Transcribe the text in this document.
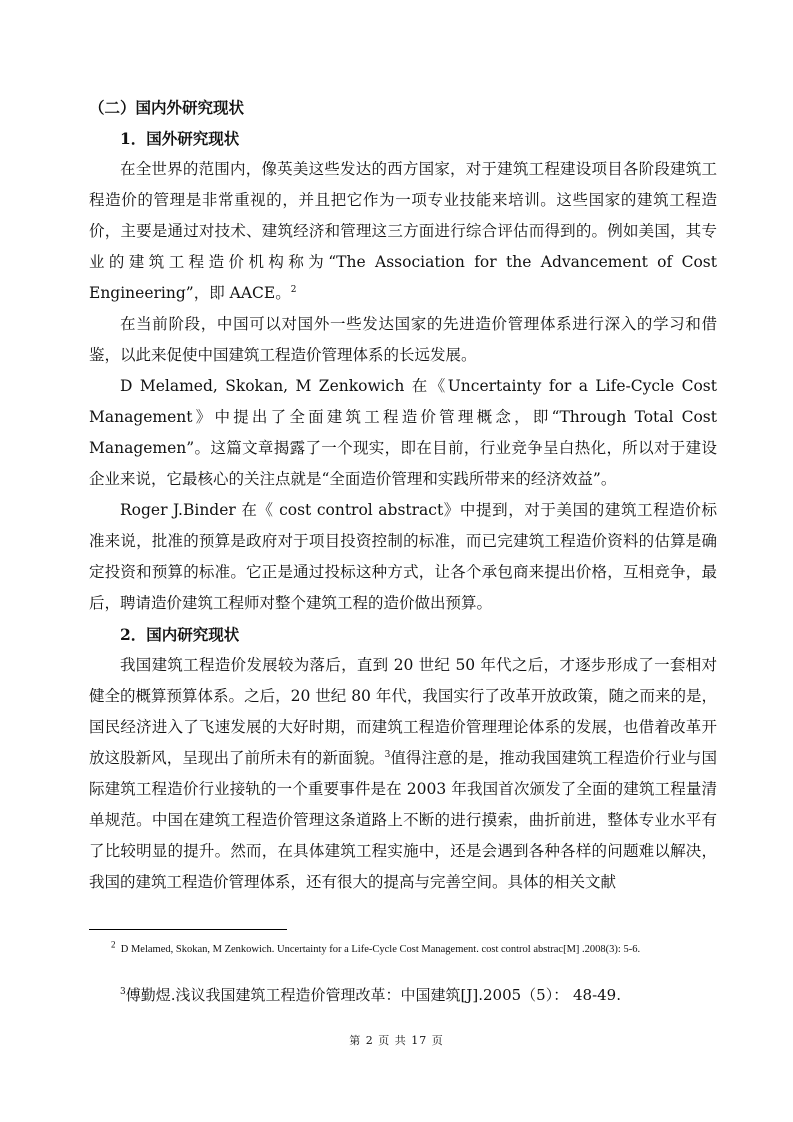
（二）国内外研究现状

1．国外研究现状

在全世界的范围内，像英美这些发达的西方国家，对于建筑工程建设项目各阶段建筑工程造价的管理是非常重视的，并且把它作为一项专业技能来培训。这些国家的建筑工程造价，主要是通过对技术、建筑经济和管理这三方面进行综合评估而得到的。例如美国，其专业的建筑工程造价机构称为“The Association for the Advancement of Cost Engineering”，即 AACE。$^2$

在当前阶段，中国可以对国外一些发达国家的先进造价管理体系进行深入的学习和借鉴，以此来促使中国建筑工程造价管理体系的长远发展。

D Melamed, Skokan, M Zenkowich 在《Uncertainty for a Life-Cycle Cost Management》中提出了全面建筑工程造价管理概念，即“Through Total Cost Managemen”。这篇文章揭露了一个现实，即在目前，行业竞争呈白热化，所以对于建设企业来说，它最核心的关注点就是“全面造价管理和实践所带来的经济效益”。

Roger J.Binder 在《 cost control abstract》中提到，对于美国的建筑工程造价标准来说，批准的预算是政府对于项目投资控制的标准，而已完建筑工程造价资料的估算是确定投资和预算的标准。它正是通过投标这种方式，让各个承包商来提出价格，互相竞争，最后，聘请造价建筑工程师对整个建筑工程的造价做出预算。

2．国内研究现状

我国建筑工程造价发展较为落后，直到 20 世纪 50 年代之后，才逐步形成了一套相对健全的概算预算体系。之后，20 世纪 80 年代，我国实行了改革开放政策，随之而来的是，国民经济进入了飞速发展的大好时期，而建筑工程造价管理理论体系的发展，也借着改革开放这股新风，呈现出了前所未有的新面貌。$^3$值得注意的是，推动我国建筑工程造价行业与国际建筑工程造价行业接轨的一个重要事件是在 2003 年我国首次颁发了全面的建筑工程量清单规范。中国在建筑工程造价管理这条道路上不断的进行摸索，曲折前进，整体专业水平有了比较明显的提升。然而，在具体建筑工程实施中，还是会遇到各种各样的问题难以解决，我国的建筑工程造价管理体系，还有很大的提高与完善空间。具体的相关文献

$^2$ D Melamed, Skokan, M Zenkowich. Uncertainty for a Life-Cycle Cost Management. cost control abstrac[M] .2008(3): 5-6.

$^3$傅勤煜.浅议我国建筑工程造价管理改革：中国建筑[J].2005（5）： 48-49.

第 2 页 共 17 页
